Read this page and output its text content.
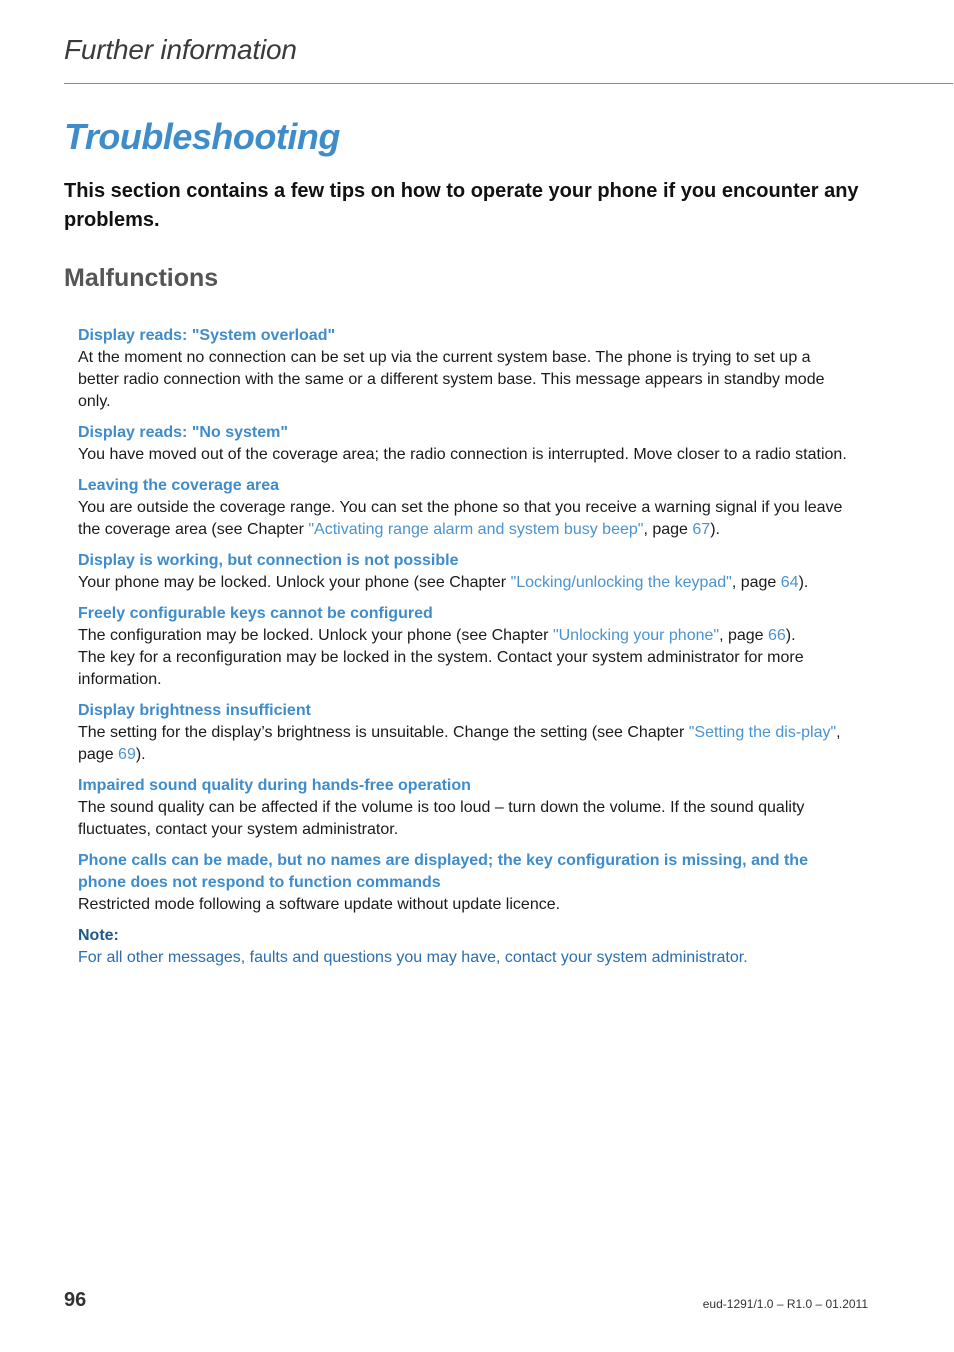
Further information
Troubleshooting

This section contains a few tips on how to operate your phone if you encounter any problems.

Malfunctions
Display reads: "System overload"
At the moment no connection can be set up via the current system base. The phone is trying to set up a better radio connection with the same or a different system base. This message appears in standby mode only.
Display reads: "No system"
You have moved out of the coverage area; the radio connection is interrupted. Move closer to a radio station.
Leaving the coverage area
You are outside the coverage range. You can set the phone so that you receive a warning signal if you leave the coverage area (see Chapter "Activating range alarm and system busy beep", page 67).
Display is working, but connection is not possible
Your phone may be locked. Unlock your phone (see Chapter "Locking/unlocking the keypad", page 64).
Freely configurable keys cannot be configured
The configuration may be locked. Unlock your phone (see Chapter "Unlocking your phone", page 66).
The key for a reconfiguration may be locked in the system. Contact your system administrator for more information.
Display brightness insufficient
The setting for the display’s brightness is unsuitable. Change the setting (see Chapter "Setting the dis-play", page 69).
Impaired sound quality during hands-free operation
The sound quality can be affected if the volume is too loud – turn down the volume. If the sound quality fluctuates, contact your system administrator.
Phone calls can be made, but no names are displayed; the key configuration is missing, and the phone does not respond to function commands
Restricted mode following a software update without update licence.
Note:
For all other messages, faults and questions you may have, contact your system administrator.
96	eud-1291/1.0 – R1.0 – 01.2011
